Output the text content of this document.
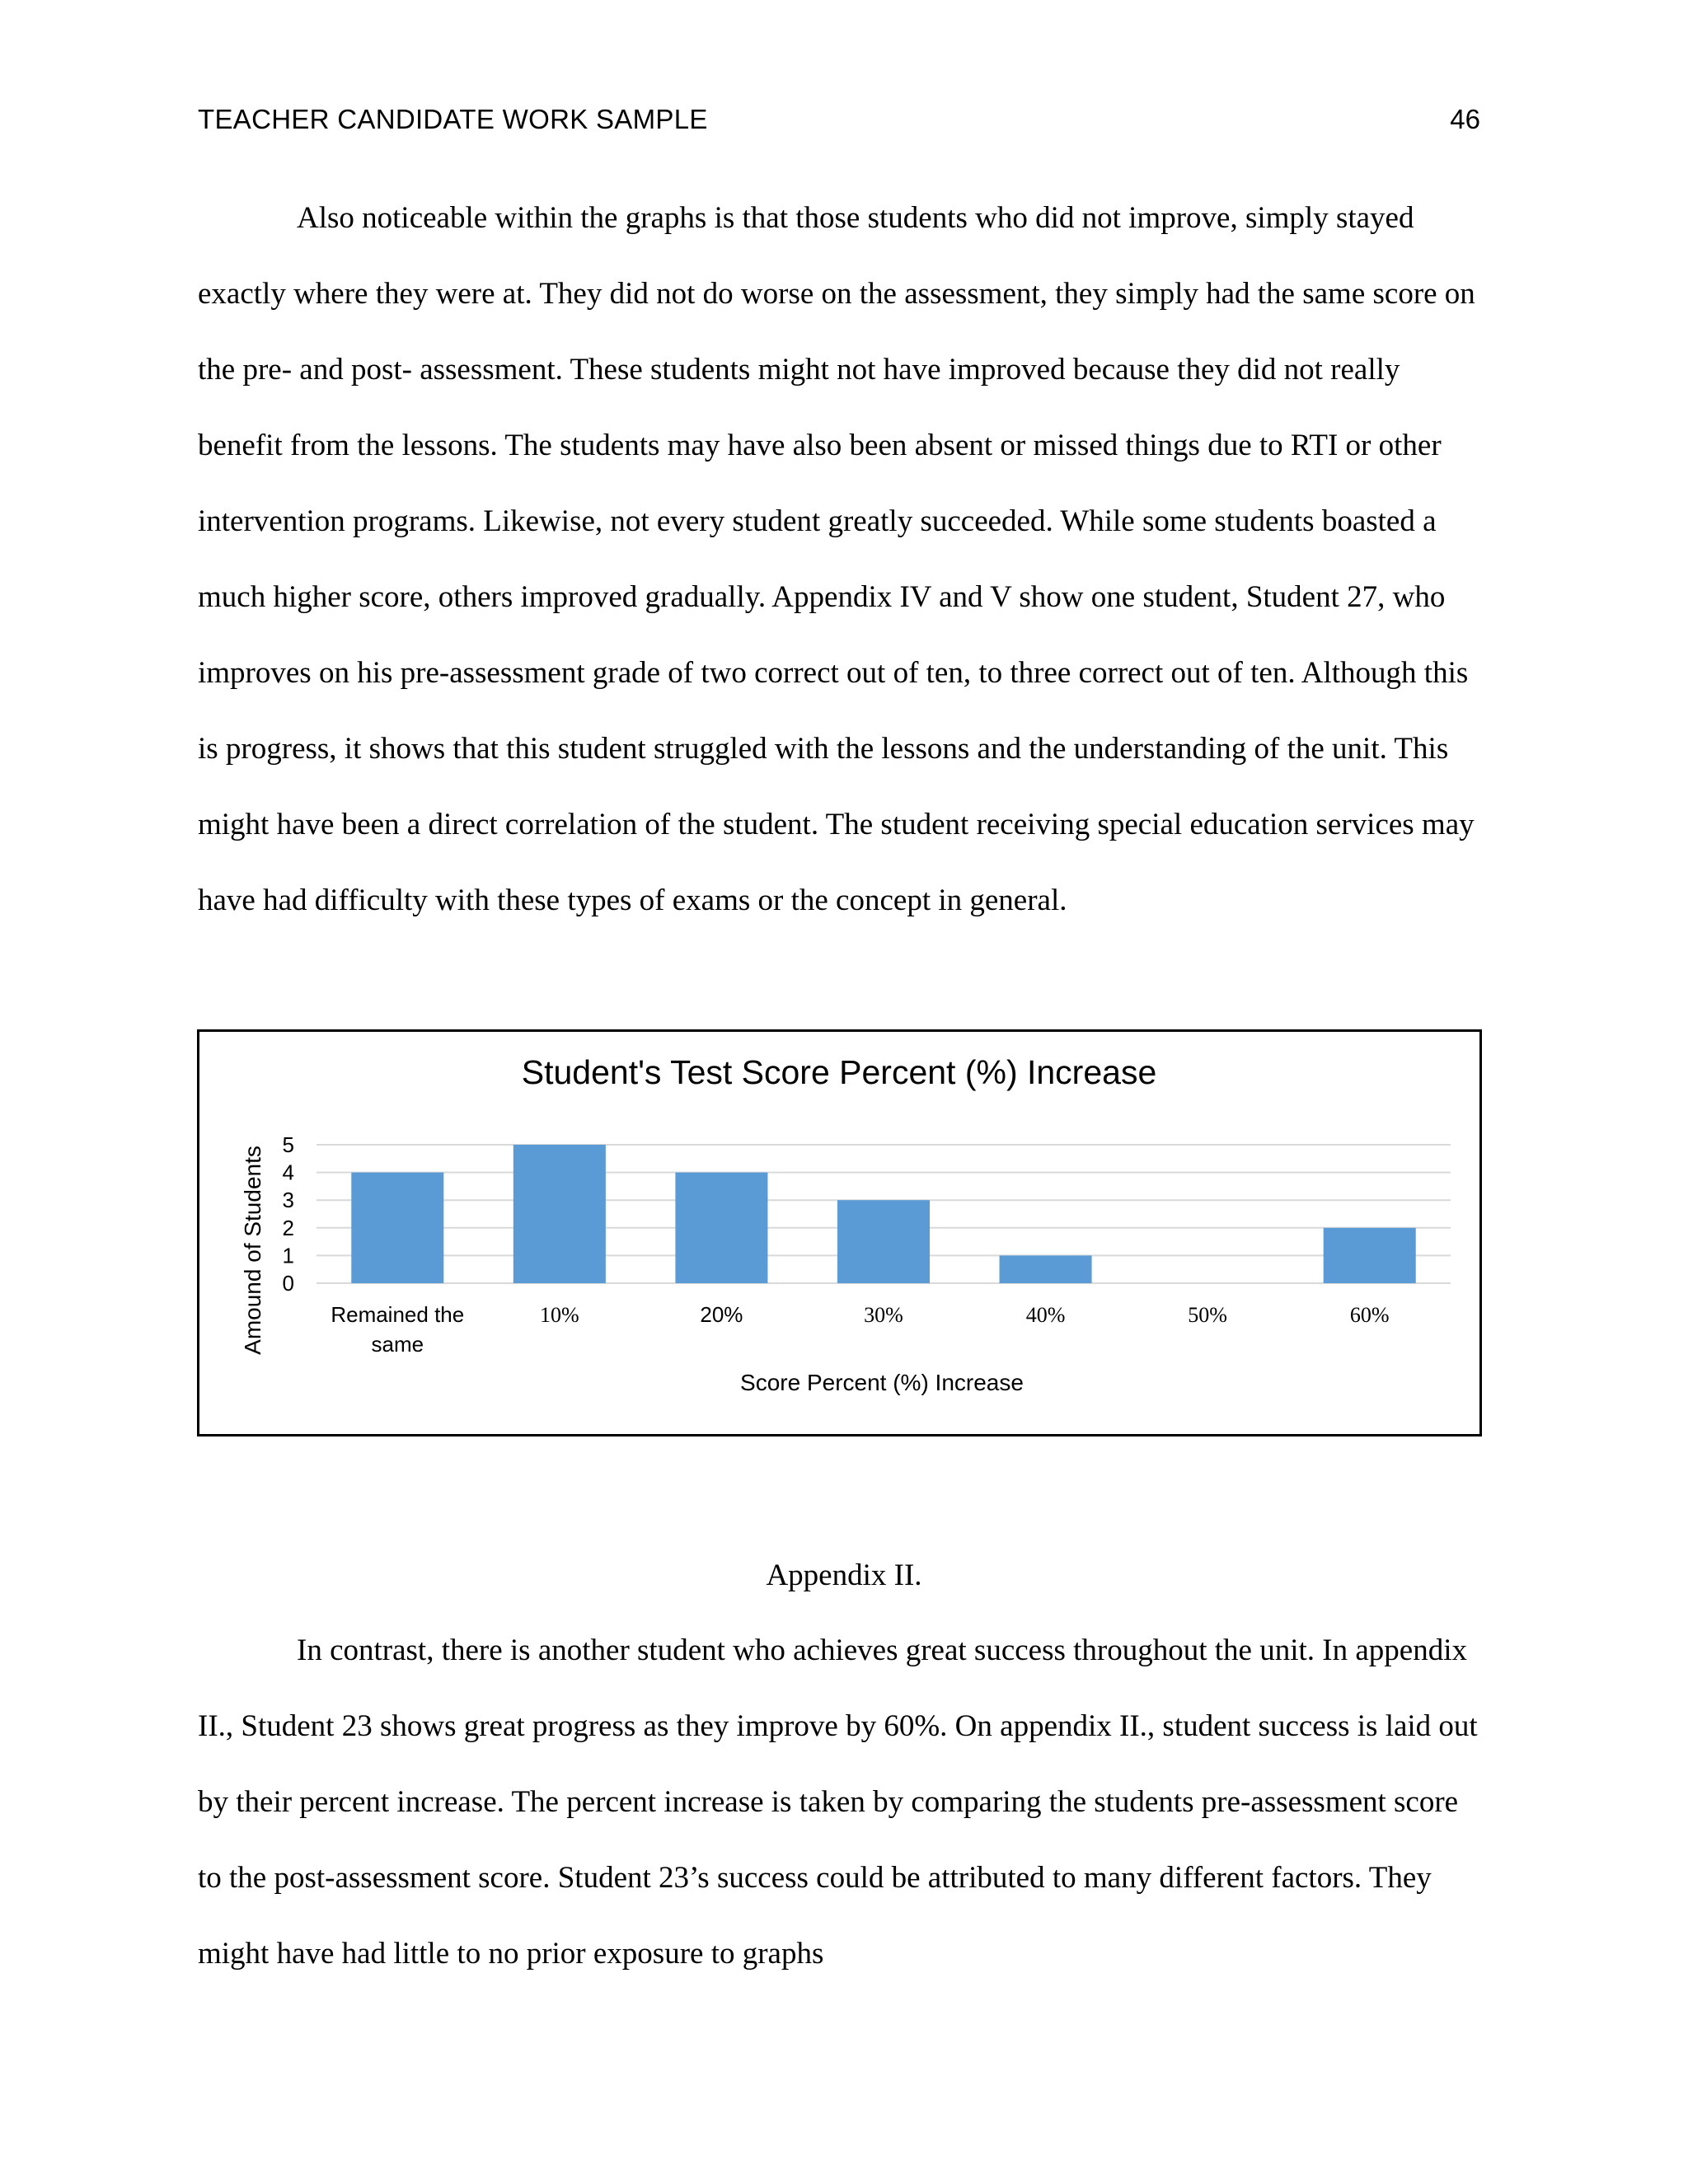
TEACHER CANDIDATE WORK SAMPLE	46

Also noticeable within the graphs is that those students who did not improve, simply stayed exactly where they were at. They did not do worse on the assessment, they simply had the same score on the pre- and post- assessment. These students might not have improved because they did not really benefit from the lessons. The students may have also been absent or missed things due to RTI or other intervention programs. Likewise, not every student greatly succeeded. While some students boasted a much higher score, others improved gradually. Appendix IV and V show one student, Student 27, who improves on his pre-assessment grade of two correct out of ten, to three correct out of ten. Although this is progress, it shows that this student struggled with the lessons and the understanding of the unit. This might have been a direct correlation of the student. The student receiving special education services may have had difficulty with these types of exams or the concept in general.

0
1
2
3
4
5
Remained the same
10%	20%	30%	40%	50%	60%
Student's Test Score Percent (%) Increase
Score Percent (%) Increase
Amound of Students
Appendix II.

In contrast, there is another student who achieves great success throughout the unit. In appendix II., Student 23 shows great progress as they improve by 60%. On appendix II., student success is laid out by their percent increase. The percent increase is taken by comparing the students pre-assessment score to the post-assessment score. Student 23’s success could be attributed to many different factors. They might have had little to no prior exposure to graphs
